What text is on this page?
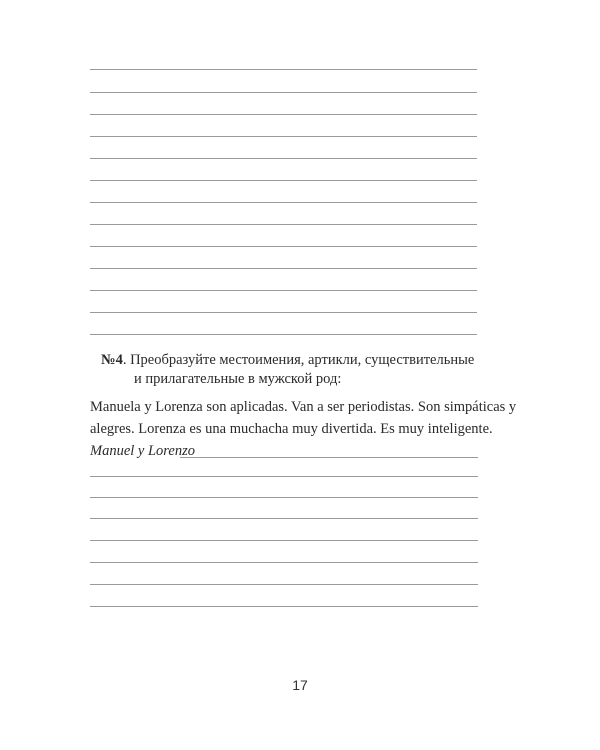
№4. Преобразуйте местоимения, артикли, существительные
и прилагательные в мужской род:
Manuela y Lorenza son aplicadas. Van a ser periodistas. Son simpáticas y
alegres. Lorenza es una muchacha muy divertida. Es muy inteligente.
Manuel y Lorenzo
17
